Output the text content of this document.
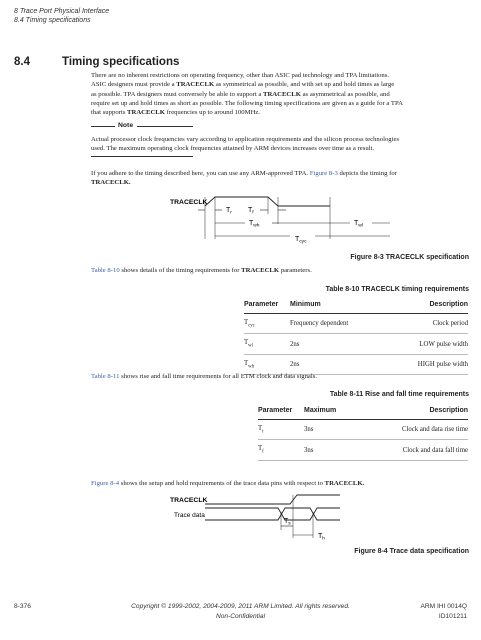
8 Trace Port Physical Interface
8.4 Timing specifications
8.4	Timing specifications
There are no inherent restrictions on operating frequency, other than ASIC pad technology and TPA limitations.
ASIC designers must provide a TRACECLK as symmetrical as possible, and with set up and hold times as large
as possible. TPA designers must conversely be able to support a TRACECLK as asymmetrical as possible, and
require set up and hold times as short as possible. The following timing specifications are given as a guide for a TPA
that supports TRACECLK frequencies up to around 100MHz.
Note
Actual processor clock frequencies vary according to application requirements and the silicon process technologies
used. The maximum operating clock frequencies attained by ARM devices increases over time as a result.
If you adhere to the timing described here, you can use any ARM-approved TPA. Figure 8-3 depicts the timing for
TRACECLK.
TRACECLK
$T_r$ $T_f$
$T_{wh}$	$T_{wl}$
$T_{cyc}$
Figure 8-3 TRACECLK specification
Table 8-10 shows details of the timing requirements for TRACECLK parameters.
Table 8-10 TRACECLK timing requirements
Parameter	Minimum	Description
$T_{cyc}$	Frequency dependent	Clock period
$T_{wl}$	2ns	LOW pulse width
$T_{wh}$	2ns	HIGH pulse width
Table 8-11 shows rise and fall time requirements for all ETM clock and data signals.
Table 8-11 Rise and fall time requirements
Parameter	Maximum	Description
$T_r$	3ns	Clock and data rise time
$T_f$	3ns	Clock and data fall time
Figure 8-4 shows the setup and hold requirements of the trace data pins with respect to TRACECLK.
TRACECLK
Trace data
$T_s$
$T_h$
Figure 8-4 Trace data specification
8-376	Copyright © 1999-2002, 2004-2009, 2011 ARM Limited. All rights reserved.
Non-Confidential
ARM IHI 0014Q
ID101211
